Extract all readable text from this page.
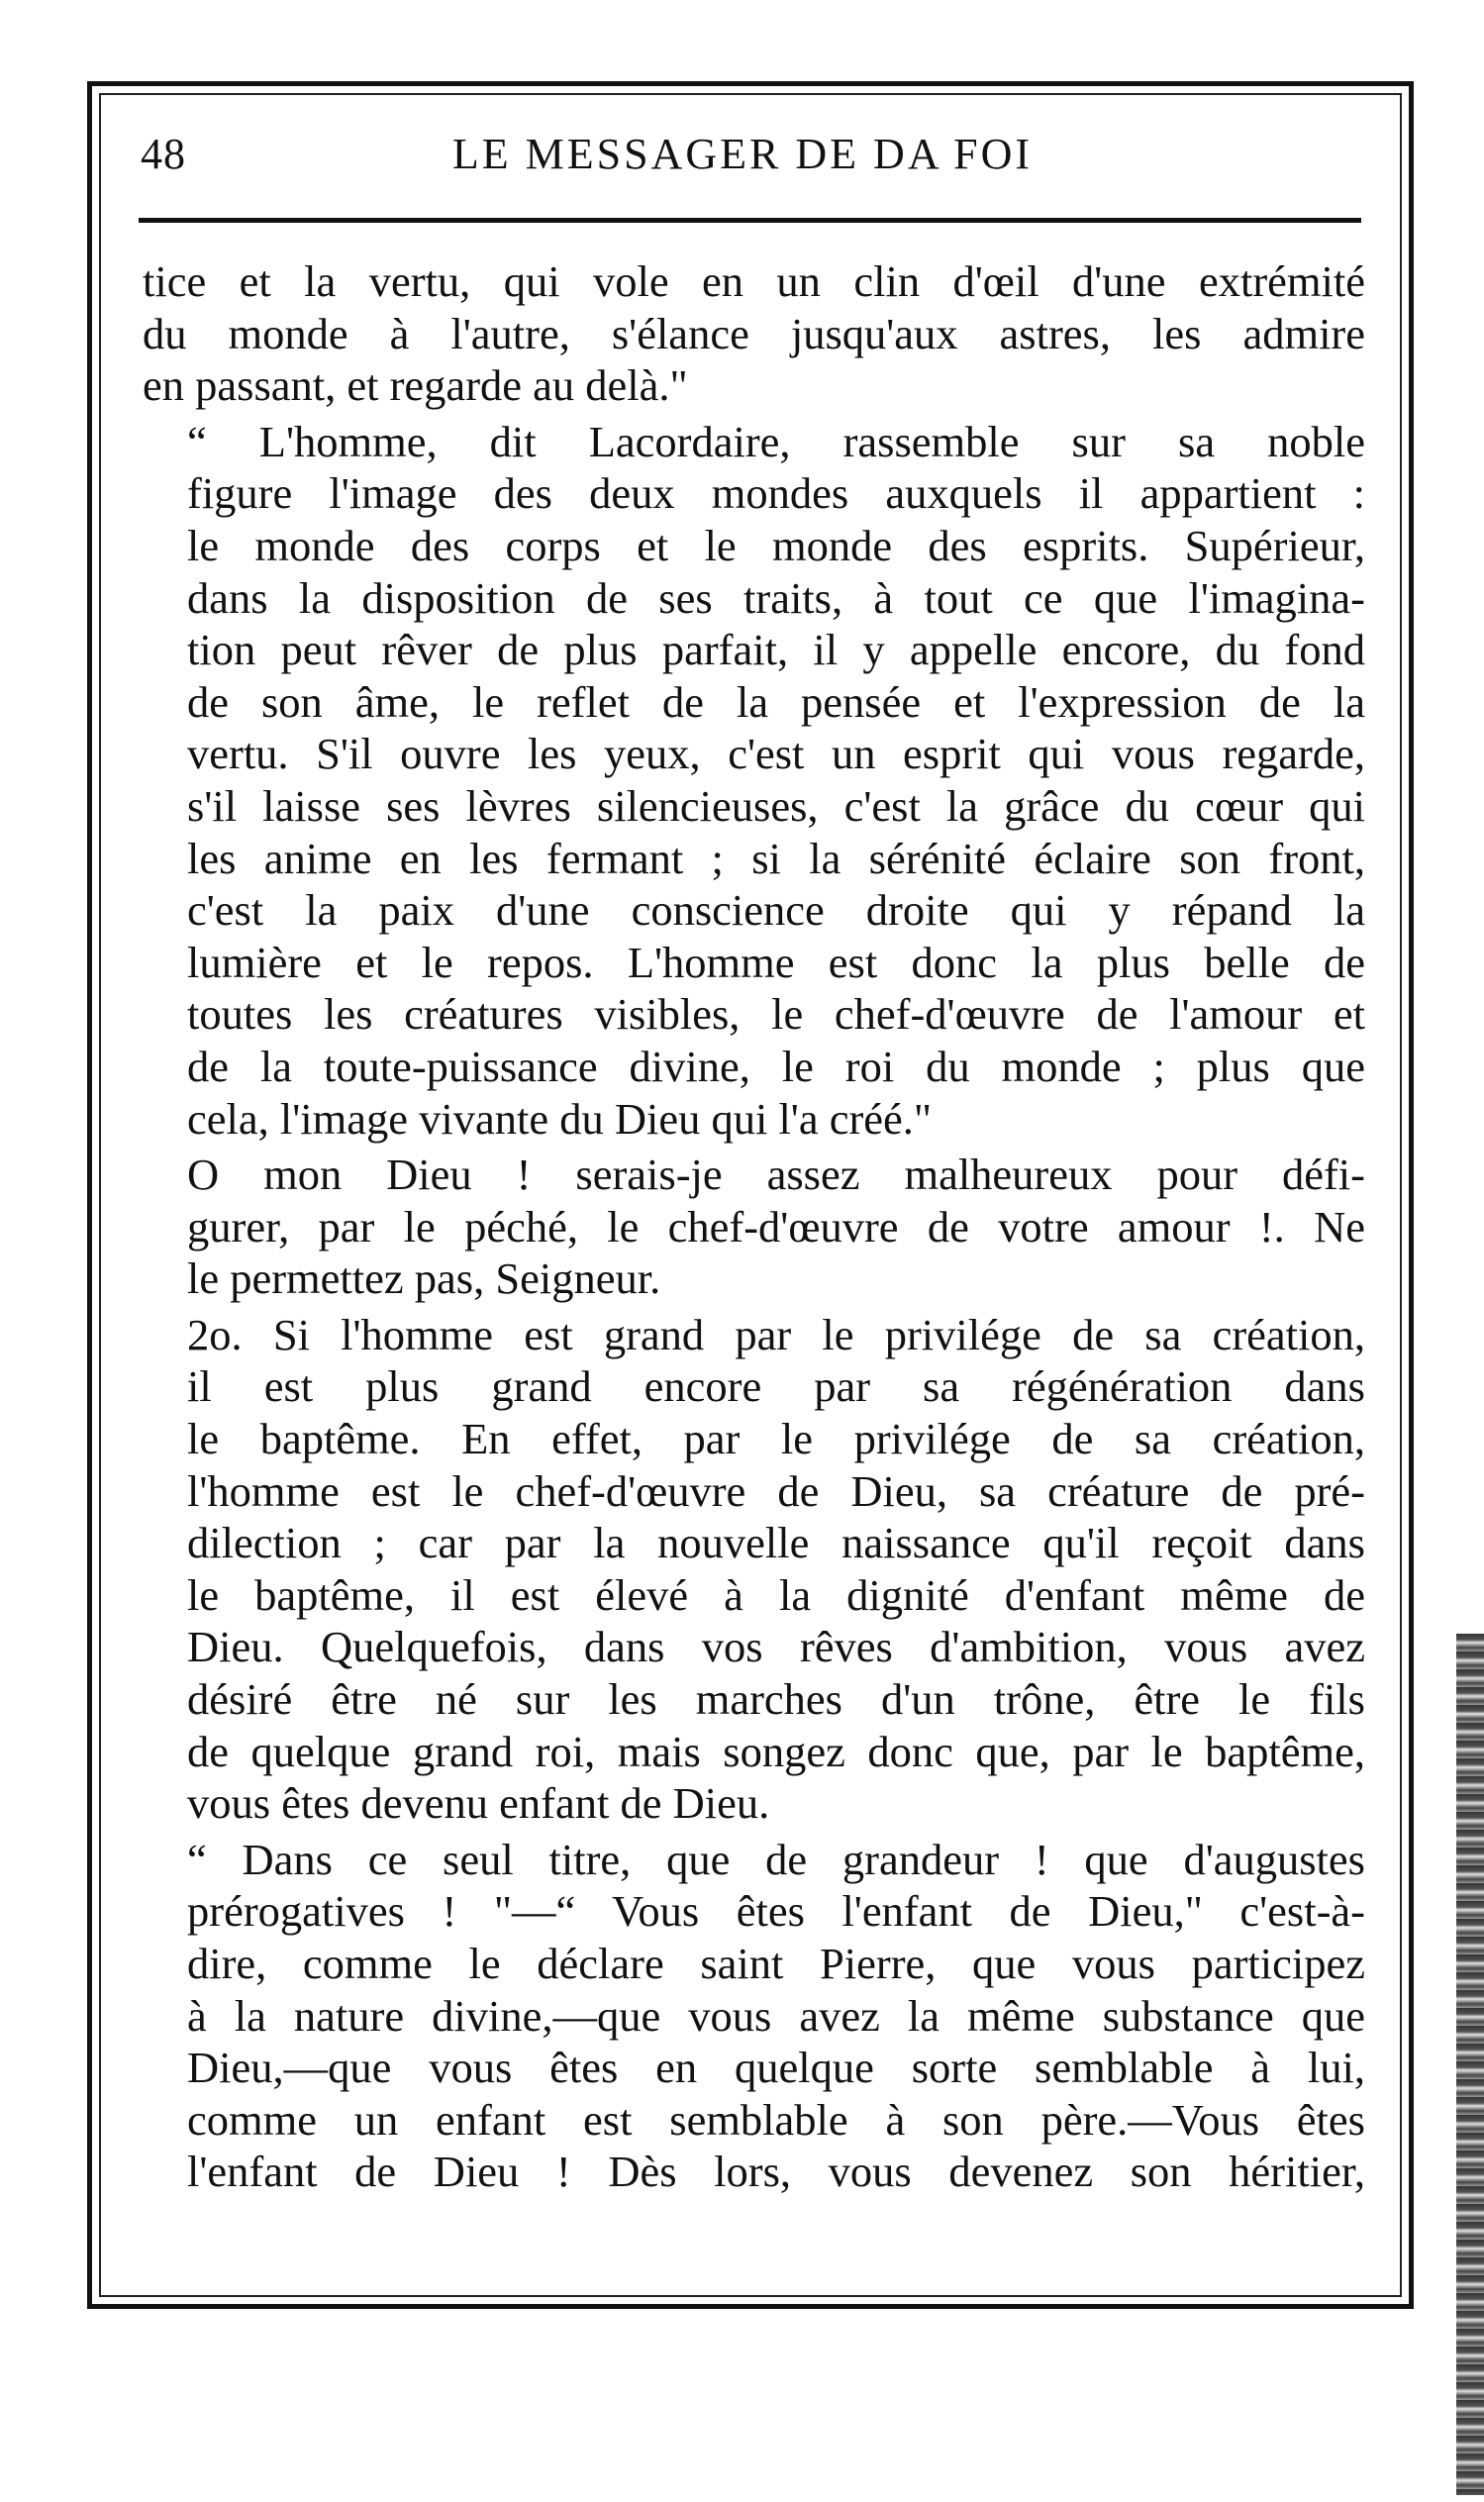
48	LE MESSAGER DE DA FOI

tice et la vertu, qui vole en un clin d'œil d'une extrémité
du monde à l'autre, s'élance jusqu'aux astres, les admire
en passant, et regarde au delà."

“ L'homme, dit Lacordaire, rassemble sur sa noble
figure l'image des deux mondes auxquels il appartient :
le monde des corps et le monde des esprits. Supérieur,
dans la disposition de ses traits, à tout ce que l'imagina-
tion peut rêver de plus parfait, il y appelle encore, du fond
de son âme, le reflet de la pensée et l'expression de la
vertu. S'il ouvre les yeux, c'est un esprit qui vous regarde,
s'il laisse ses lèvres silencieuses, c'est la grâce du cœur qui
les anime en les fermant ; si la sérénité éclaire son front,
c'est la paix d'une conscience droite qui y répand la
lumière et le repos. L'homme est donc la plus belle de
toutes les créatures visibles, le chef-d'œuvre de l'amour et
de la toute-puissance divine, le roi du monde ; plus que
cela, l'image vivante du Dieu qui l'a créé."

O mon Dieu ! serais-je assez malheureux pour défi-
gurer, par le péché, le chef-d'œuvre de votre amour !. Ne
le permettez pas, Seigneur.

2o. Si l'homme est grand par le privilége de sa création,
il est plus grand encore par sa régénération dans
le baptême. En effet, par le privilége de sa création,
l'homme est le chef-d'œuvre de Dieu, sa créature de pré-
dilection ; car par la nouvelle naissance qu'il reçoit dans
le baptême, il est élevé à la dignité d'enfant même de
Dieu. Quelquefois, dans vos rêves d'ambition, vous avez
désiré être né sur les marches d'un trône, être le fils
de quelque grand roi, mais songez donc que, par le baptême,
vous êtes devenu enfant de Dieu.

“ Dans ce seul titre, que de grandeur ! que d'augustes
prérogatives ! "—“ Vous êtes l'enfant de Dieu," c'est-à-
dire, comme le déclare saint Pierre, que vous participez
à la nature divine,—que vous avez la même substance que
Dieu,—que vous êtes en quelque sorte semblable à lui,
comme un enfant est semblable à son père.—Vous êtes
l'enfant de Dieu ! Dès lors, vous devenez son héritier,
